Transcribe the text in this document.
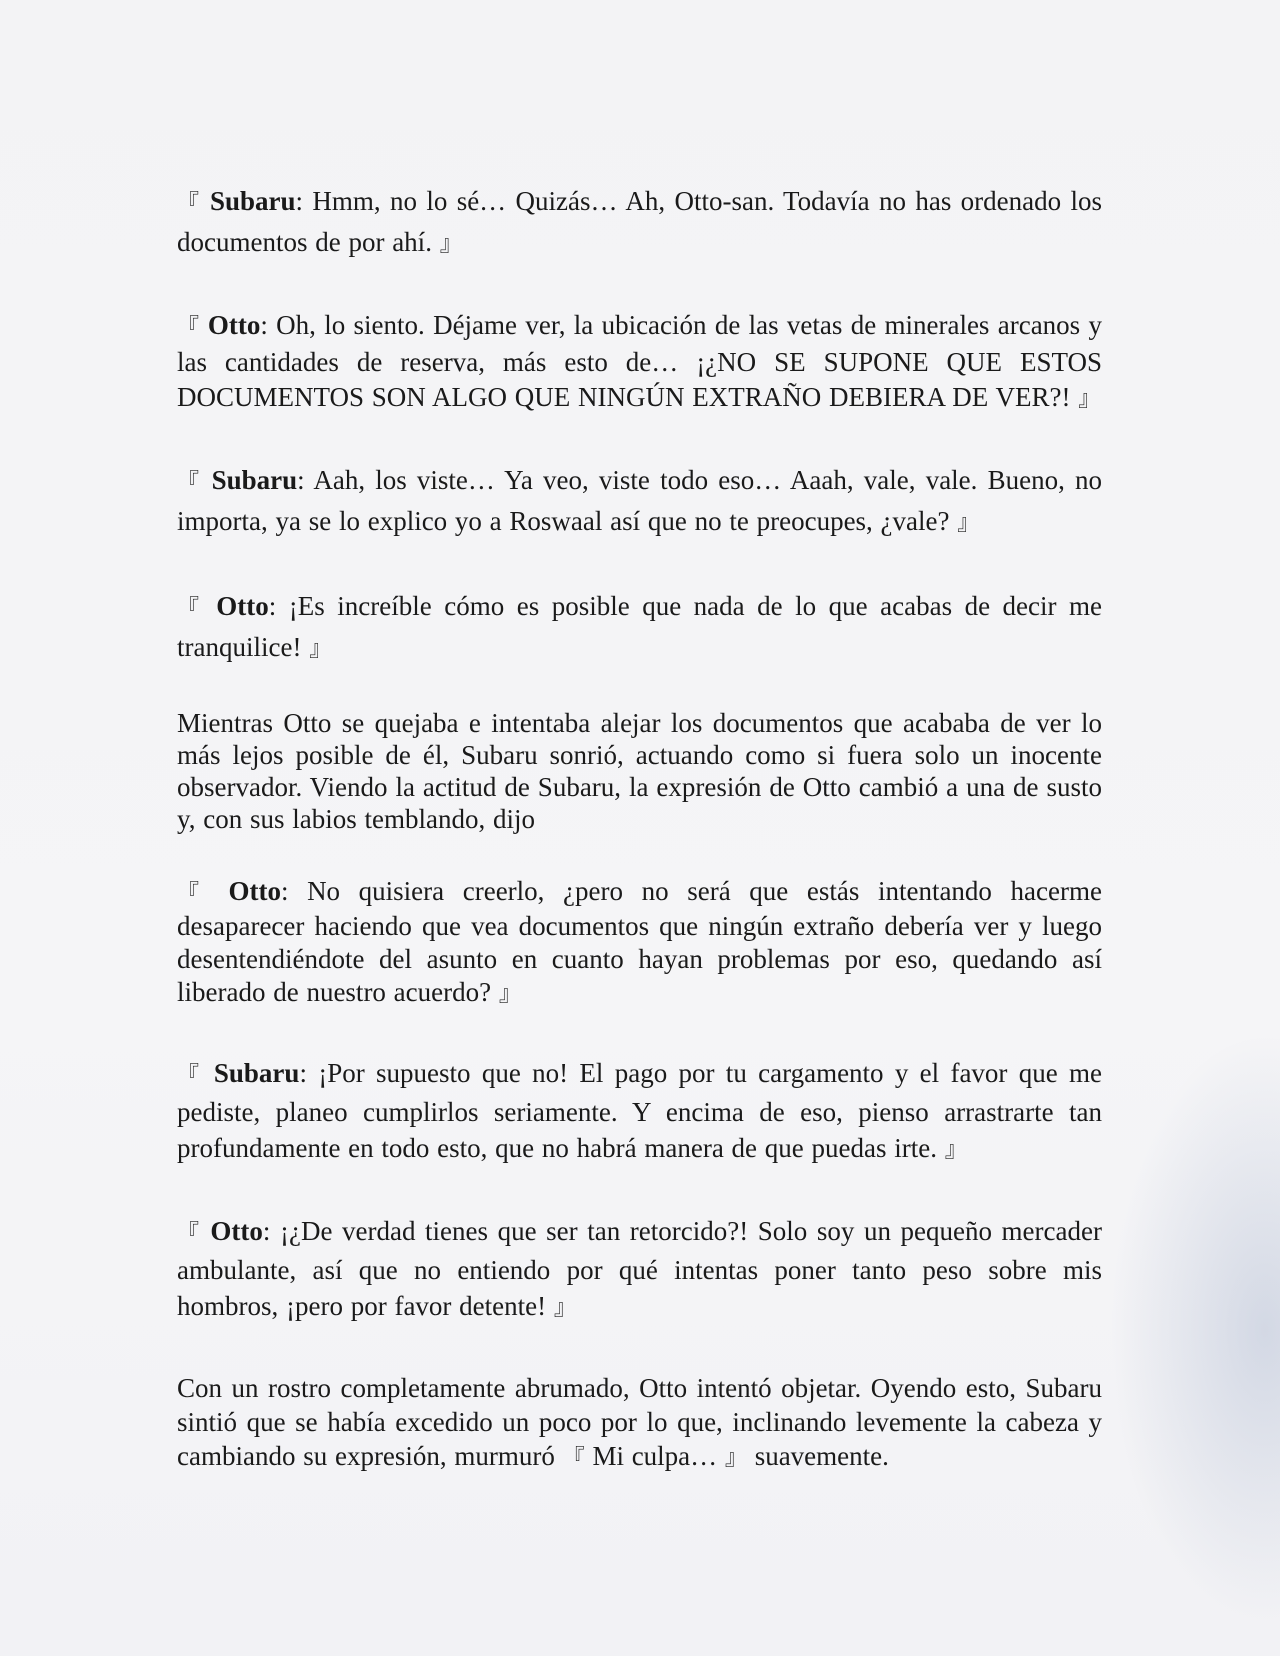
『 Subaru: Hmm, no lo sé… Quizás… Ah, Otto-san. Todavía no has ordenado los documentos de por ahí. 』

『 Otto: Oh, lo siento. Déjame ver, la ubicación de las vetas de minerales arcanos y las cantidades de reserva, más esto de… ¡¿NO SE SUPONE QUE ESTOS DOCUMENTOS SON ALGO QUE NINGÚN EXTRAÑO DEBIERA DE VER?! 』

『 Subaru: Aah, los viste… Ya veo, viste todo eso… Aaah, vale, vale. Bueno, no importa, ya se lo explico yo a Roswaal así que no te preocupes, ¿vale? 』

『 Otto: ¡Es increíble cómo es posible que nada de lo que acabas de decir me tranquilice! 』

Mientras Otto se quejaba e intentaba alejar los documentos que acababa de ver lo más lejos posible de él, Subaru sonrió, actuando como si fuera solo un inocente observador. Viendo la actitud de Subaru, la expresión de Otto cambió a una de susto y, con sus labios temblando, dijo

『 Otto: No quisiera creerlo, ¿pero no será que estás intentando hacerme desaparecer haciendo que vea documentos que ningún extraño debería ver y luego desentendiéndote del asunto en cuanto hayan problemas por eso, quedando así liberado de nuestro acuerdo? 』

『 Subaru: ¡Por supuesto que no! El pago por tu cargamento y el favor que me pediste, planeo cumplirlos seriamente. Y encima de eso, pienso arrastrarte tan profundamente en todo esto, que no habrá manera de que puedas irte. 』

『 Otto: ¡¿De verdad tienes que ser tan retorcido?! Solo soy un pequeño mercader ambulante, así que no entiendo por qué intentas poner tanto peso sobre mis hombros, ¡pero por favor detente! 』

Con un rostro completamente abrumado, Otto intentó objetar. Oyendo esto, Subaru sintió que se había excedido un poco por lo que, inclinando levemente la cabeza y cambiando su expresión, murmuró 『 Mi culpa… 』 suavemente.
